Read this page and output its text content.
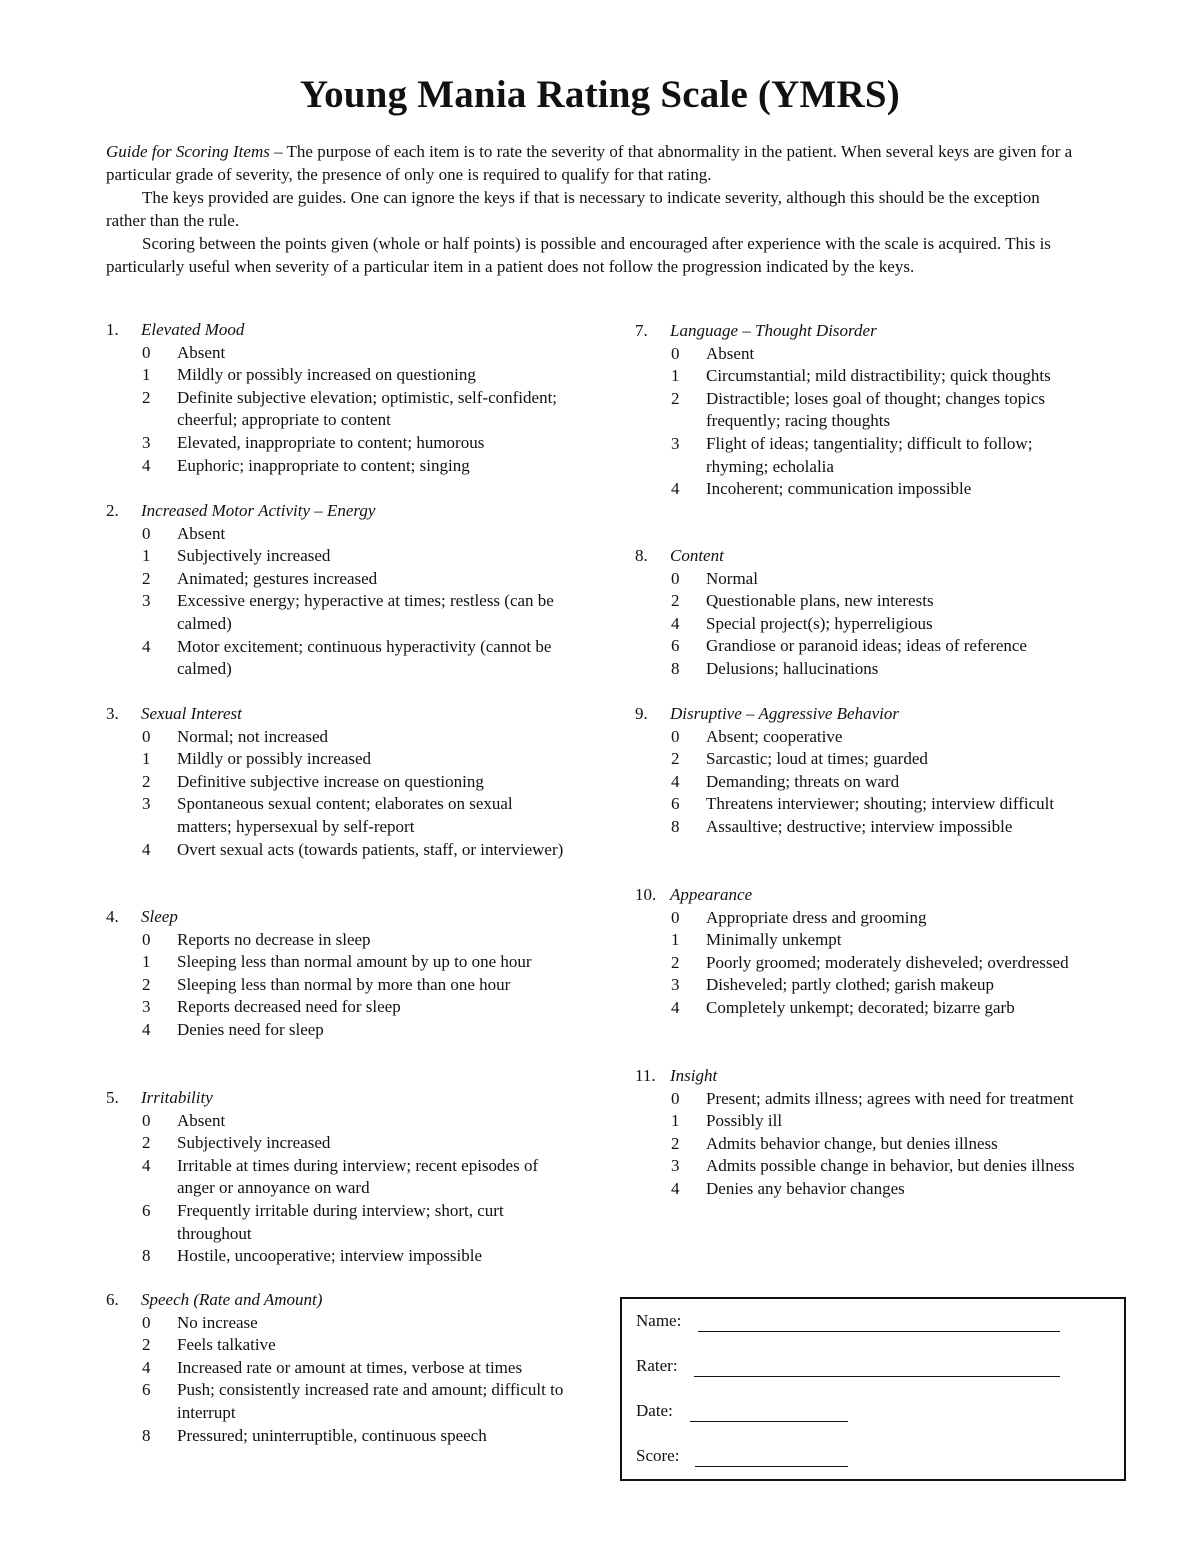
Young Mania Rating Scale (YMRS)

Guide for Scoring Items – The purpose of each item is to rate the severity of that abnormality in the patient. When several keys are given for a particular grade of severity, the presence of only one is required to qualify for that rating.

The keys provided are guides. One can ignore the keys if that is necessary to indicate severity, although this should be the exception rather than the rule.

Scoring between the points given (whole or half points) is possible and encouraged after experience with the scale is acquired. This is particularly useful when severity of a particular item in a patient does not follow the progression indicated by the keys.

1. Elevated Mood
0 Absent
1 Mildly or possibly increased on questioning
2 Definite subjective elevation; optimistic, self-confident; cheerful; appropriate to content
3 Elevated, inappropriate to content; humorous
4 Euphoric; inappropriate to content; singing
2. Increased Motor Activity – Energy
0 Absent
1 Subjectively increased
2 Animated; gestures increased
3 Excessive energy; hyperactive at times; restless (can be calmed)
4 Motor excitement; continuous hyperactivity (cannot be calmed)
3. Sexual Interest
0 Normal; not increased
1 Mildly or possibly increased
2 Definitive subjective increase on questioning
3 Spontaneous sexual content; elaborates on sexual matters; hypersexual by self-report
4 Overt sexual acts (towards patients, staff, or interviewer)
4. Sleep
0 Reports no decrease in sleep
1 Sleeping less than normal amount by up to one hour
2 Sleeping less than normal by more than one hour
3 Reports decreased need for sleep
4 Denies need for sleep
5. Irritability
0 Absent
2 Subjectively increased
4 Irritable at times during interview; recent episodes of anger or annoyance on ward
6 Frequently irritable during interview; short, curt throughout
8 Hostile, uncooperative; interview impossible
6. Speech (Rate and Amount)
0 No increase
2 Feels talkative
4 Increased rate or amount at times, verbose at times
6 Push; consistently increased rate and amount; difficult to interrupt
8 Pressured; uninterruptible, continuous speech
7. Language – Thought Disorder
0 Absent
1 Circumstantial; mild distractibility; quick thoughts
2 Distractible; loses goal of thought; changes topics frequently; racing thoughts
3 Flight of ideas; tangentiality; difficult to follow; rhyming; echolalia
4 Incoherent; communication impossible
8. Content
0 Normal
2 Questionable plans, new interests
4 Special project(s); hyperreligious
6 Grandiose or paranoid ideas; ideas of reference
8 Delusions; hallucinations
9. Disruptive – Aggressive Behavior
0 Absent; cooperative
2 Sarcastic; loud at times; guarded
4 Demanding; threats on ward
6 Threatens interviewer; shouting; interview difficult
8 Assaultive; destructive; interview impossible
10. Appearance
0 Appropriate dress and grooming
1 Minimally unkempt
2 Poorly groomed; moderately disheveled; overdressed
3 Disheveled; partly clothed; garish makeup
4 Completely unkempt; decorated; bizarre garb
11. Insight
0 Present; admits illness; agrees with need for treatment
1 Possibly ill
2 Admits behavior change, but denies illness
3 Admits possible change in behavior, but denies illness
4 Denies any behavior changes
Name:
Rater:
Date:
Score:
